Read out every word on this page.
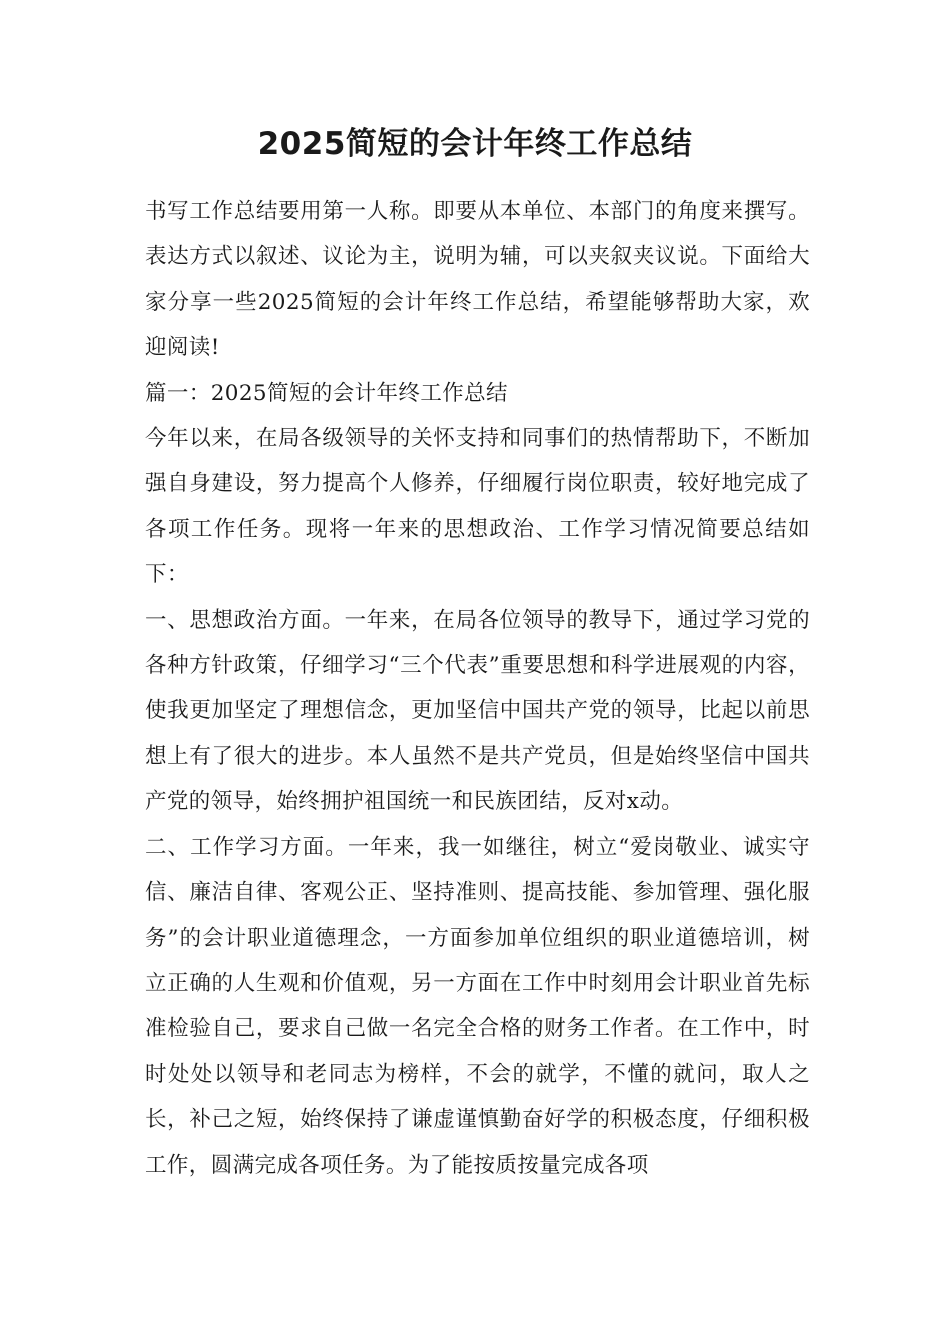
2025简短的会计年终工作总结

书写工作总结要用第一人称。即要从本单位、本部门的角度来撰写。表达方式以叙述、议论为主，说明为辅，可以夹叙夹议说。下面给大家分享一些2025简短的会计年终工作总结，希望能够帮助大家，欢迎阅读!

篇一：2025简短的会计年终工作总结

今年以来，在局各级领导的关怀支持和同事们的热情帮助下，不断加强自身建设，努力提高个人修养，仔细履行岗位职责，较好地完成了各项工作任务。现将一年来的思想政治、工作学习情况简要总结如下：

一、思想政治方面。一年来，在局各位领导的教导下，通过学习党的各种方针政策，仔细学习“三个代表”重要思想和科学进展观的内容，使我更加坚定了理想信念，更加坚信中国共产党的领导，比起以前思想上有了很大的进步。本人虽然不是共产党员，但是始终坚信中国共产党的领导，始终拥护祖国统一和民族团结，反对x动。

二、工作学习方面。一年来，我一如继往，树立“爱岗敬业、诚实守信、廉洁自律、客观公正、坚持准则、提高技能、参加管理、强化服务”的会计职业道德理念，一方面参加单位组织的职业道德培训，树立正确的人生观和价值观，另一方面在工作中时刻用会计职业首先标准检验自己，要求自己做一名完全合格的财务工作者。在工作中，时时处处以领导和老同志为榜样，不会的就学，不懂的就问，取人之长，补己之短，始终保持了谦虚谨慎勤奋好学的积极态度，仔细积极工作，圆满完成各项任务。为了能按质按量完成各项
